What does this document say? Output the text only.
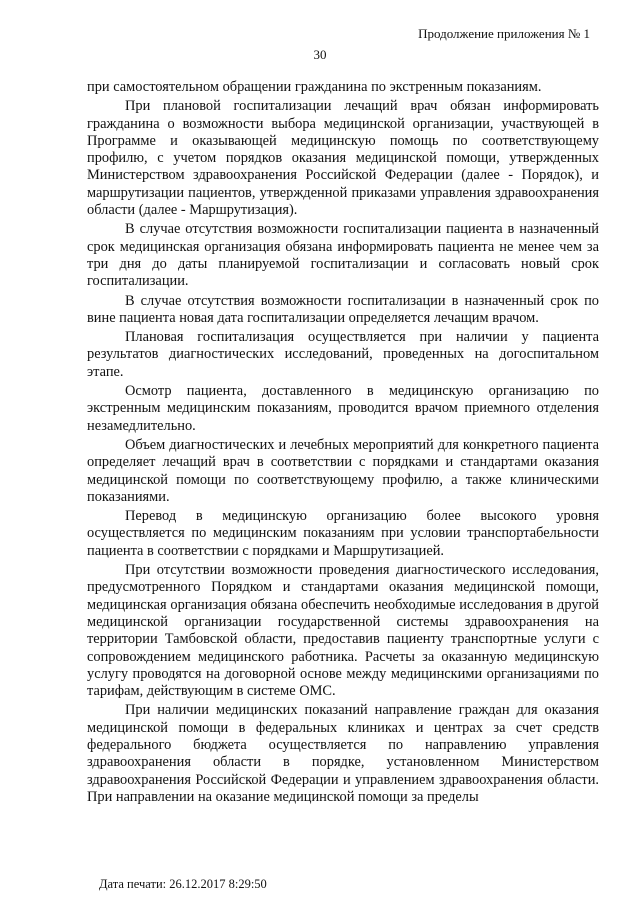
Продолжение приложения № 1
30

при самостоятельном обращении гражданина по экстренным показаниям.

При плановой госпитализации лечащий врач обязан информировать гражданина о возможности выбора медицинской организации, участвующей в Программе и оказывающей медицинскую помощь по соответствующему профилю, с учетом порядков оказания медицинской помощи, утвержденных Министерством здравоохранения Российской Федерации (далее - Порядок), и маршрутизации пациентов, утвержденной приказами управления здравоохранения области (далее - Маршрутизация).

В случае отсутствия возможности госпитализации пациента в назначенный срок медицинская организация обязана информировать пациента не менее чем за три дня до даты планируемой госпитализации и согласовать новый срок госпитализации.

В случае отсутствия возможности госпитализации в назначенный срок по вине пациента новая дата госпитализации определяется лечащим врачом.

Плановая госпитализация осуществляется при наличии у пациента результатов диагностических исследований, проведенных на догоспитальном этапе.

Осмотр пациента, доставленного в медицинскую организацию по экстренным медицинским показаниям, проводится врачом приемного отделения незамедлительно.

Объем диагностических и лечебных мероприятий для конкретного пациента определяет лечащий врач в соответствии с порядками и стандартами оказания медицинской помощи по соответствующему профилю, а также клиническими показаниями.

Перевод в медицинскую организацию более высокого уровня осуществляется по медицинским показаниям при условии транспортабельности пациента в соответствии с порядками и Маршрутизацией.

При отсутствии возможности проведения диагностического исследования, предусмотренного Порядком и стандартами оказания медицинской помощи, медицинская организация обязана обеспечить необходимые исследования в другой медицинской организации государственной системы здравоохранения на территории Тамбовской области, предоставив пациенту транспортные услуги с сопровождением медицинского работника. Расчеты за оказанную медицинскую услугу проводятся на договорной основе между медицинскими организациями по тарифам, действующим в системе ОМС.

При наличии медицинских показаний направление граждан для оказания медицинской помощи в федеральных клиниках и центрах за счет средств федерального бюджета осуществляется по направлению управления здравоохранения области в порядке, установленном Министерством здравоохранения Российской Федерации и управлением здравоохранения области. При направлении на оказание медицинской помощи за пределы

Дата печати: 26.12.2017 8:29:50
